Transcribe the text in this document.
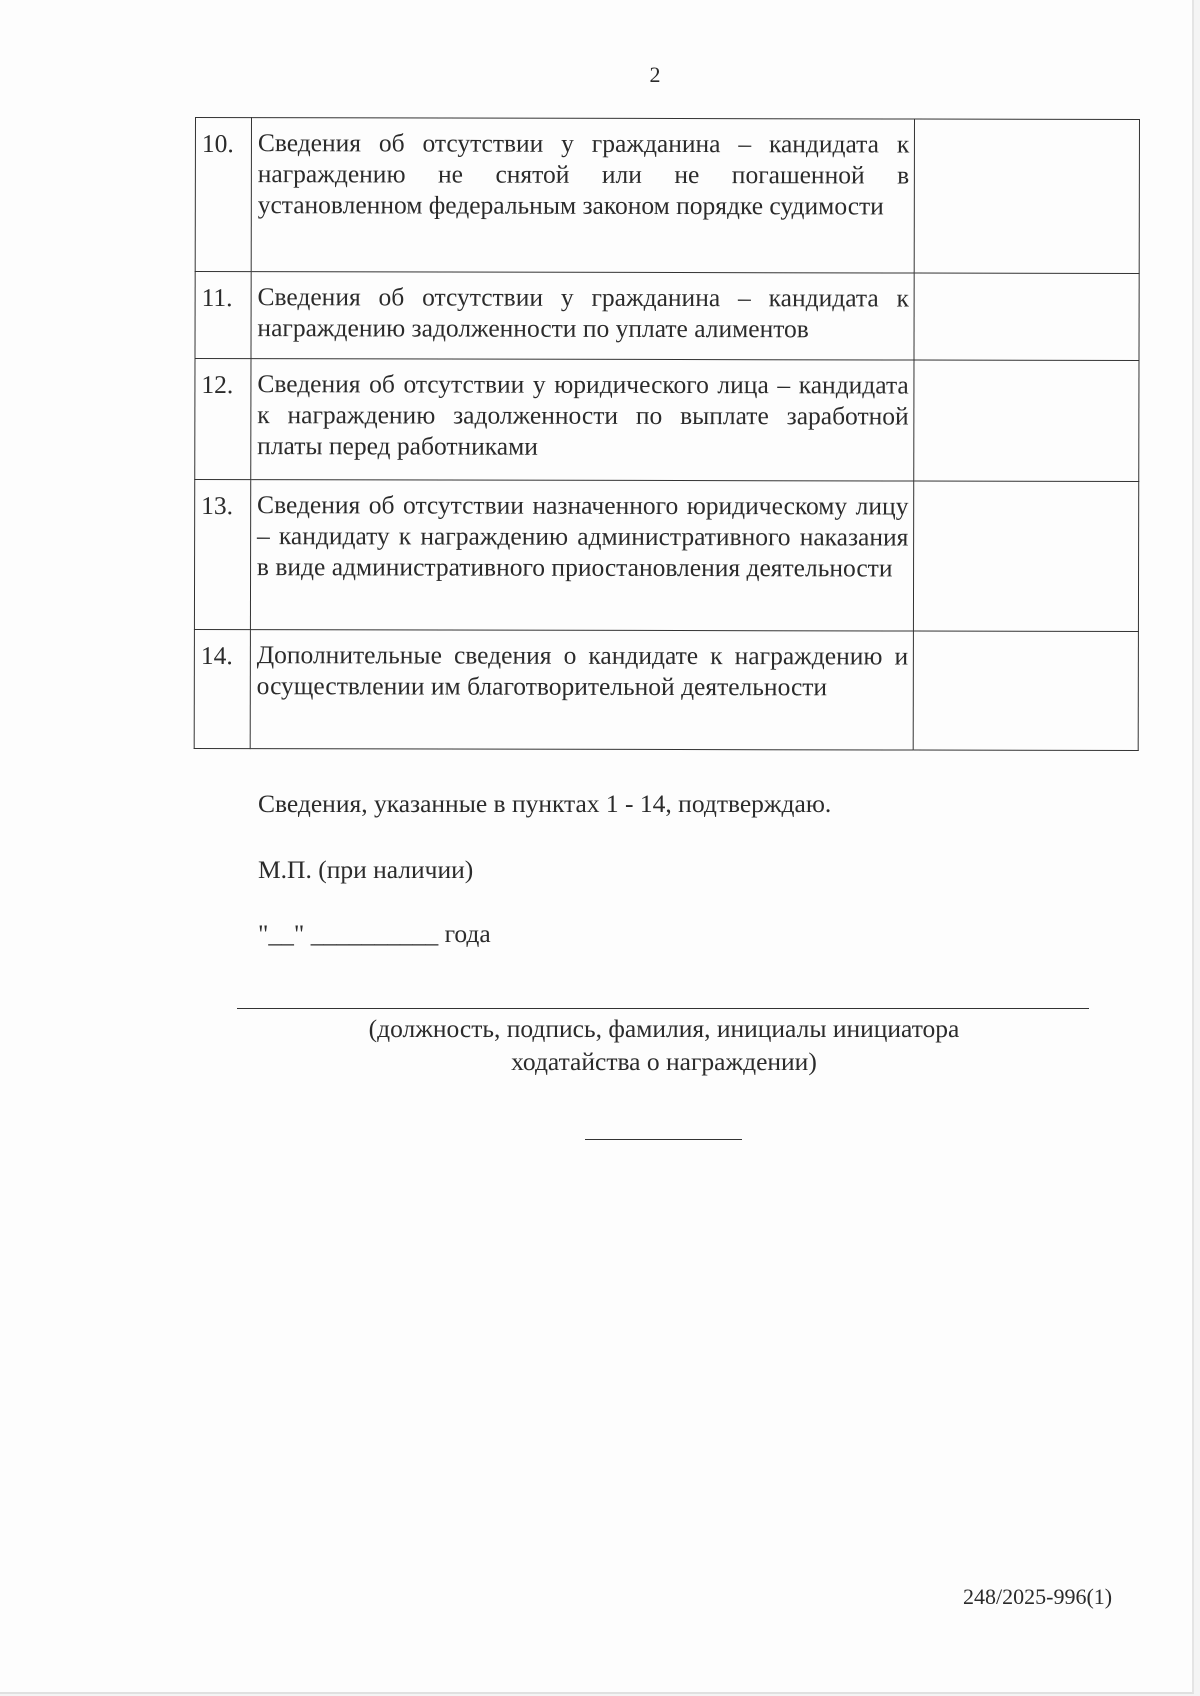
2
10.	Сведения об отсутствии у гражданина – кандидата к награждению не снятой или не погашенной в установленном федеральным законом порядке судимости	
11.	Сведения об отсутствии у гражданина – кандидата к награждению задолженности по уплате алиментов	
12.	Сведения об отсутствии у юридического лица – кандидата к награждению задолженности по выплате заработной платы перед работниками	
13.	Сведения об отсутствии назначенного юридическому лицу – кандидату к награждению административного наказания в виде административного приостановления деятельности	
14.	Дополнительные сведения о кандидате к награждению и осуществлении им благотворительной деятельности	
Сведения, указанные в пунктах 1 - 14, подтверждаю.
М.П. (при наличии)
"__" __________ года
(должность, подпись, фамилия, инициалы инициатора
ходатайства о награждении)
248/2025-996(1)
